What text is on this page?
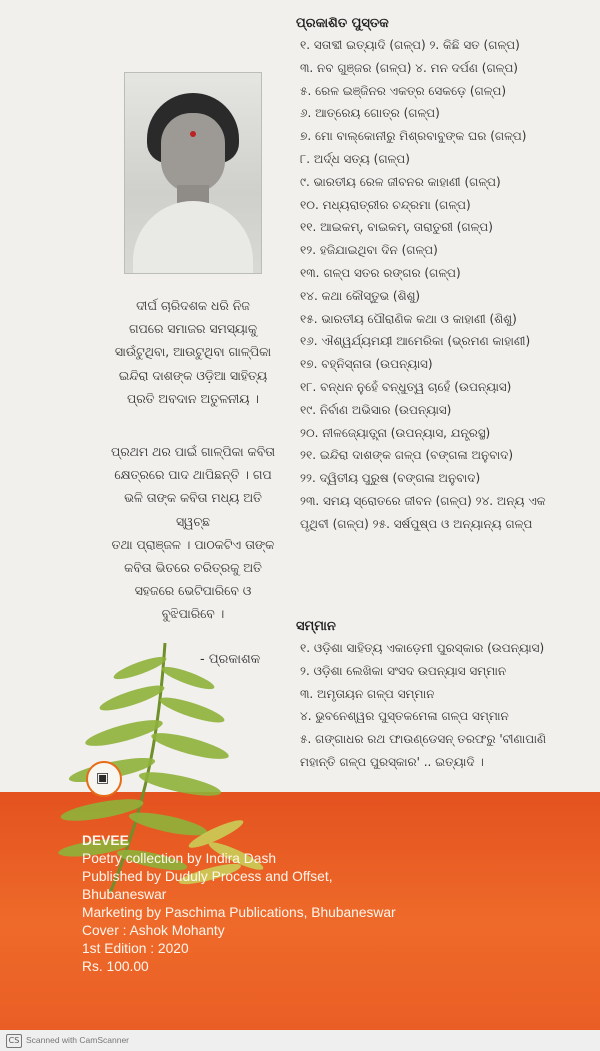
ଦୀର୍ଘ ଚାରିଦଶକ ଧରି ନିଜ

ଗପରେ ସମାଜର ସମସ୍ୟାକୁ

ସାଉଁଟୁଥିବା, ଆଉଟୁଥିବା ଗାଳ୍ପିକା

ଇନ୍ଦିରା ଦାଶଙ୍କ ଓଡ଼ିଆ ସାହିତ୍ୟ

ପ୍ରତି ଅବଦାନ ଅତୁଳନୀୟ ।

ପ୍ରଥମ ଥର ପାଇଁ ଗାଳ୍ପିକା କବିତା

କ୍ଷେତ୍ରରେ ପାଦ ଥାପିଛନ୍ତି । ଗପ

ଭଳି ତାଙ୍କ କବିତା ମଧ୍ୟ ଅତି ସ୍ୱଚ୍ଛ

ତଥା ପ୍ରାଞ୍ଜଳ । ପାଠକଟିଏ ତାଙ୍କ

କବିତା ଭିତରେ ଚରିତ୍ରକୁ ଅତି

ସହଜରେ ଭେଟିପାରିବେ ଓ

ବୁଝିପାରିବେ ।

- ପ୍ରକାଶକ
ପ୍ରକାଶିତ ପୁସ୍ତକ
୧. ସତାବ୍ଦୀ ଇତ୍ୟାଦି (ଗଳ୍ପ) ୨. କିଛି ସତ (ଗଳ୍ପ)
୩. ନବ ଗୁଞ୍ଜର (ଗଳ୍ପ) ୪. ମନ ଦର୍ପଣ (ଗଳ୍ପ)
୫. ରେଳ ଇଞ୍ଜିନର ଏକତ୍ର ସେକଡ଼େ (ଗଳ୍ପ)
୬. ଆତ୍ରେୟ ଗୋତ୍ର (ଗଳ୍ପ)
୭. ମୋ ବାଲ୍କୋନୀରୁ ମିଶ୍ରବାବୁଙ୍କ ଘର (ଗଳ୍ପ)
୮. ଅର୍ଦ୍ଧ ସତ୍ୟ (ଗଳ୍ପ)
୯. ଭାରତୀୟ ରେଳ ଜୀବନର କାହାଣୀ (ଗଳ୍ପ)
୧୦. ମଧ୍ୟରାତ୍ରୀର ଚନ୍ଦ୍ରମା (ଗଳ୍ପ)
୧୧. ଆଇକମ୍, ବାଇକମ୍, ତାରାତୁରୀ (ଗଳ୍ପ)
୧୨. ହଜିଯାଇଥିବା ଦିନ (ଗଳ୍ପ)
୧୩. ଗଳ୍ପ ସତର ରଙ୍ଗର (ଗଳ୍ପ)
୧୪. କଥା କୌସ୍ତୁଭ (ଶିଶୁ)
୧୫. ଭାରତୀୟ ପୌରାଣିକ କଥା ଓ କାହାଣୀ (ଶିଶୁ)
୧୬. ଐଶ୍ୱର୍ଯ୍ୟମୟୀ ଆମେରିକା (ଭ୍ରମଣ କାହାଣୀ)
୧୭. ବହ୍ନିସ୍ନାତା (ଉପନ୍ୟାସ)
୧୮. ବନ୍ଧନ ନୁହେଁ ବନ୍ଧୁତ୍ୱ ଚାହେଁ (ଉପନ୍ୟାସ)
୧୯. ନିର୍ବାଣ ଅଭିସାର (ଉପନ୍ୟାସ)
୨୦. ନୀଳଜ୍ୟୋତ୍ସ୍ନା (ଉପନ୍ୟାସ, ଯନ୍ତ୍ରସ୍ଥ)
୨୧. ଇନ୍ଦିରା ଦାଶଙ୍କ ଗଳ୍ପ (ବଙ୍ଗଳା ଅନୁବାଦ)
୨୨. ଦ୍ୱିତୀୟ ପୁରୁଷ (ବଙ୍ଗଳା ଅନୁବାଦ)
୨୩. ସମୟ ସ୍ରୋତରେ ଜୀବନ (ଗଳ୍ପ) ୨୪. ଅନ୍ୟ ଏକ
ପୃଥିବୀ (ଗଳ୍ପ) ୨୫. ସର୍ଷପୁଷ୍ପ ଓ ଅନ୍ୟାନ୍ୟ ଗଳ୍ପ
ସମ୍ମାନ
୧. ଓଡ଼ିଶା ସାହିତ୍ୟ ଏକାଡ଼େମୀ ପୁରସ୍କାର (ଉପନ୍ୟାସ)
୨. ଓଡ଼ିଶା ଲେଖିକା ସଂସଦ ଉପନ୍ୟାସ ସମ୍ମାନ
୩. ଅମୃତାୟନ ଗଳ୍ପ ସମ୍ମାନ
୪. ଭୁବନେଶ୍ୱର ପୁସ୍ତକମେଳା ଗଳ୍ପ ସମ୍ମାନ
୫. ଗଙ୍ଗାଧର ରଥ ଫାଉଣ୍ଡେସନ୍ ତରଫରୁ 'ବୀଣାପାଣି
ମହାନ୍ତି ଗଳ୍ପ ପୁରସ୍କାର' .. ଇତ୍ୟାଦି ।
▣
DEVEE
Poetry collection by Indira Dash
Published by Duduly Process and Offset,
Bhubaneswar
Marketing by Paschima Publications, Bhubaneswar
Cover : Ashok Mohanty
1st Edition : 2020
Rs. 100.00
CS Scanned with CamScanner
